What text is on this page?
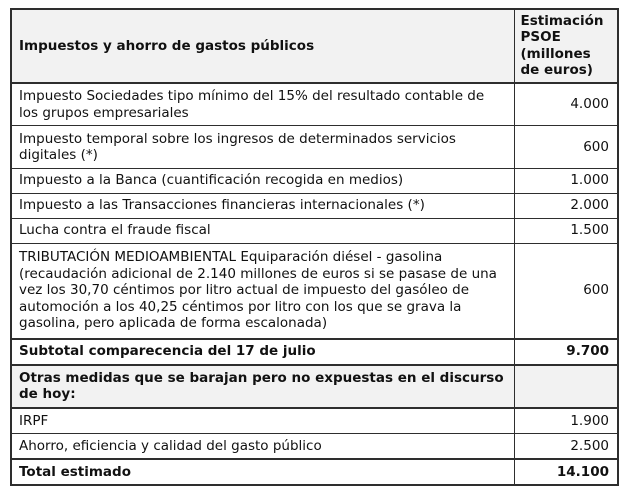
Impuestos y ahorro de gastos públicos	Estimación PSOE (millones de euros)
Impuesto Sociedades tipo mínimo del 15% del resultado contable de los grupos empresariales	4.000
Impuesto temporal sobre los ingresos de determinados servicios digitales (*)	600
Impuesto a la Banca (cuantificación recogida en medios)	1.000
Impuesto a las Transacciones financieras internacionales (*)	2.000
Lucha contra el fraude fiscal	1.500
TRIBUTACIÓN MEDIOAMBIENTAL Equiparación diésel - gasolina (recaudación adicional de 2.140 millones de euros si se pasase de una vez los 30,70 céntimos por litro actual de impuesto del gasóleo de automoción a los 40,25 céntimos por litro con los que se grava la gasolina, pero aplicada de forma escalonada)	600
Subtotal comparecencia del 17 de julio	9.700
Otras medidas que se barajan pero no expuestas en el discurso de hoy:	
IRPF	1.900
Ahorro, eficiencia y calidad del gasto público	2.500
Total estimado	14.100
